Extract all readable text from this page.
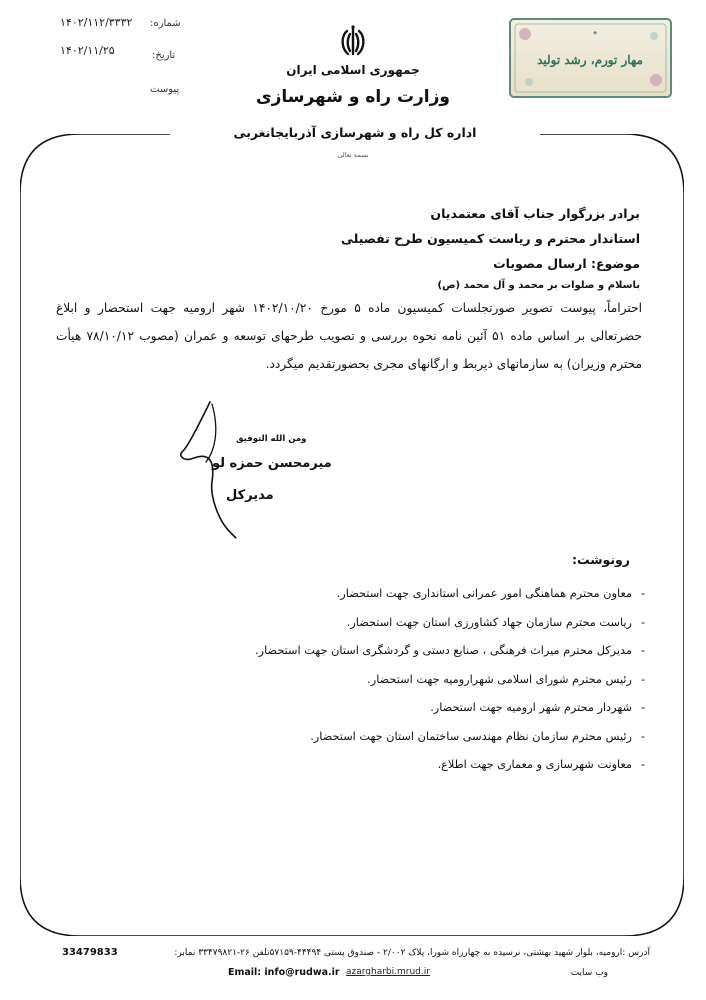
شماره:
۱۴۰۲/۱۱۲/۳۳۳۲
تاریخ:
۱۴۰۲/۱۱/۲۵
پیوست
جمهوری اسلامی ایران
وزارت راه و شهرسازی
اداره کل راه و شهرسازی آذربایجانغربی
بسمه تعالی
مهار تورم، رشد تولید
◆
برادر بزرگوار جناب آقای معتمدیان
استاندار محترم و ریاست کمیسیون طرح تفصیلی
موضوع: ارسال مصوبات
باسلام و صلوات بر محمد و آل محمد (ص)
احتراماً، پیوست تصویر صورتجلسات کمیسیون ماده ۵ مورخ ۱۴۰۲/۱۰/۲۰ شهر ارومیه جهت استحضار و ابلاغ حضرتعالی بر اساس ماده ۵۱ آئین نامه نحوه بررسی و تصویب طرحهای توسعه و عمران (مصوب ۷۸/۱۰/۱۲ هیأت محترم وزیران) به سازمانهای ذیربط و ارگانهای مجری بحضورتقدیم میگردد.
ومن الله التوفیق
میرمحسن حمزه لو
مدیرکل
رونوشت:
-
معاون محترم هماهنگی امور عمرانی استانداری جهت استحضار.
-
ریاست محترم سازمان جهاد کشاورزی استان جهت استحضار.
-
مدیرکل محترم میراث فرهنگی ، صنایع دستی و گردشگری استان جهت استحضار.
-
رئیس محترم شورای اسلامی شهرارومیه جهت استحضار.
-
شهردار محترم شهر ارومیه جهت استحضار.
-
رئیس محترم سازمان نظام مهندسی ساختمان استان جهت استحضار.
-
معاونت شهرسازی و معماری جهت اطلاع.
آدرس :ارومیه، بلوار شهید بهشتی، نرسیده به چهارراه شورا، پلاک ۲/۰۰۲ - صندوق پستی ۴۴۴۹۴-۵۷۱۵۹تلفن ۲۶-۳۳۴۷۹۸۲۱ نمابر:
33479833
وب سایت
azargharbi.mrud.ir
Email: info@rudwa.ir
